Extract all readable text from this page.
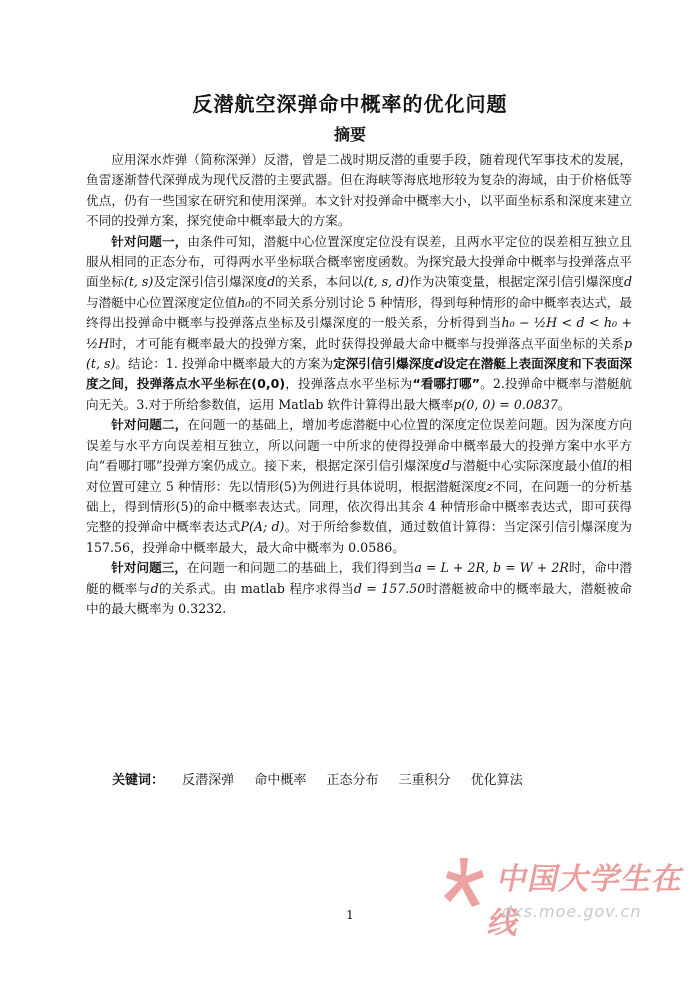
反潜航空深弹命中概率的优化问题
摘要

应用深水炸弹（简称深弹）反潜，曾是二战时期反潜的重要手段，随着现代军事技术的发展，鱼雷逐渐替代深弹成为现代反潜的主要武器。但在海峡等海底地形较为复杂的海域，由于价格低等优点，仍有一些国家在研究和使用深弹。本文针对投弹命中概率大小，以平面坐标系和深度来建立不同的投弹方案，探究使命中概率最大的方案。

针对问题一，由条件可知，潜艇中心位置深度定位没有误差，且两水平定位的误差相互独立且服从相同的正态分布，可得两水平坐标联合概率密度函数。为探究最大投弹命中概率与投弹落点平面坐标(t, s)及定深引信引爆深度d的关系，本问以(t, s, d)作为决策变量，根据定深引信引爆深度d与潜艇中心位置深度定位值h₀的不同关系分别讨论 5 种情形，得到每种情形的命中概率表达式，最终得出投弹命中概率与投弹落点坐标及引爆深度的一般关系，分析得到当h₀ − ½H < d < h₀ + ½H时，才可能有概率最大的投弹方案，此时获得投弹最大命中概率与投弹落点平面坐标的关系p(t, s)。结论：1. 投弹命中概率最大的方案为定深引信引爆深度d设定在潜艇上表面深度和下表面深度之间，投弹落点水平坐标在(0,0)，投弹落点水平坐标为“看哪打哪”。2.投弹命中概率与潜艇航向无关。3.对于所给参数值，运用 Matlab 软件计算得出最大概率p(0, 0) = 0.0837。

针对问题二，在问题一的基础上，增加考虑潜艇中心位置的深度定位误差问题。因为深度方向误差与水平方向误差相互独立，所以问题一中所求的使得投弹命中概率最大的投弹方案中水平方向“看哪打哪”投弹方案仍成立。接下来，根据定深引信引爆深度d与潜艇中心实际深度最小值l的相对位置可建立 5 种情形：先以情形(5)为例进行具体说明，根据潜艇深度z不同，在问题一的分析基础上，得到情形(5)的命中概率表达式。同理，依次得出其余 4 种情形命中概率表达式，即可获得完整的投弹命中概率表达式P(A; d)。对于所给参数值，通过数值计算得：当定深引信引爆深度为 157.56，投弹命中概率最大，最大命中概率为 0.0586。

针对问题三，在问题一和问题二的基础上，我们得到当a = L + 2R, b = W + 2R时，命中潜艇的概率与d的关系式。由 matlab 程序求得当d = 157.50时潜艇被命中的概率最大，潜艇被命中的最大概率为 0.3232.

关键词： 反潜深弹 命中概率 正态分布 三重积分 优化算法
1
中国大学生在线
dxs.moe.gov.cn
